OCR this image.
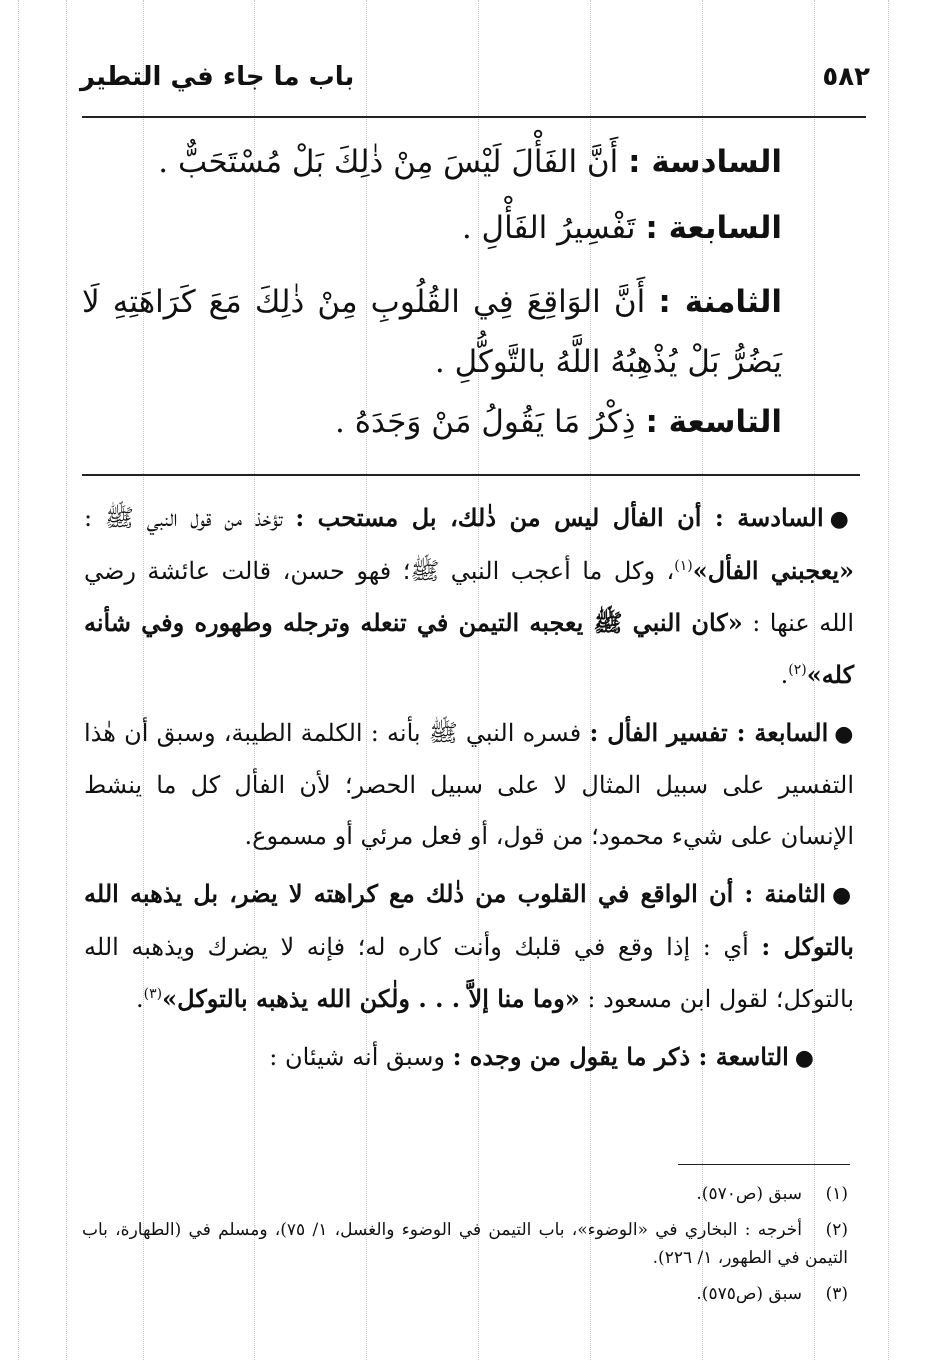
٥٨٢
باب ما جاء في التطير

السادسة : أَنَّ الفَأْلَ لَيْسَ مِنْ ذٰلِكَ بَلْ مُسْتَحَبٌّ .

السابعة : تَفْسِيرُ الفَأْلِ .

الثامنة : أَنَّ الوَاقِعَ فِي القُلُوبِ مِنْ ذٰلِكَ مَعَ كَرَاهَتِهِ لَا يَضُرُّ بَلْ يُذْهِبُهُ اللَّهُ بالتَّوكُّلِ .

التاسعة : ذِكْرُ مَا يَقُولُ مَنْ وَجَدَهُ .

●السادسة : أن الفأل ليس من ذٰلك، بل مستحب : تؤخذ من قول النبي ﷺ : «يعجبني الفأل»$^{(١)}$، وكل ما أعجب النبي ﷺ؛ فهو حسن، قالت عائشة رضي الله عنها : «كان النبي ﷺ يعجبه التيمن في تنعله وترجله وطهوره وفي شأنه كله»$^{(٢)}$.

●السابعة : تفسير الفأل : فسره النبي ﷺ بأنه : الكلمة الطيبة، وسبق أن هٰذا التفسير على سبيل المثال لا على سبيل الحصر؛ لأن الفأل كل ما ينشط الإنسان على شيء محمود؛ من قول، أو فعل مرئي أو مسموع.

●الثامنة : أن الواقع في القلوب من ذٰلك مع كراهته لا يضر، بل يذهبه الله بالتوكل : أي : إذا وقع في قلبك وأنت كاره له؛ فإنه لا يضرك ويذهبه الله بالتوكل؛ لقول ابن مسعود : «وما منا إلاَّ . . . ولٰكن الله يذهبه بالتوكل»$^{(٣)}$.

●التاسعة : ذكر ما يقول من وجده : وسبق أنه شيئان :

(١)سبق (ص٥٧٠).

(٢)أخرجه : البخاري في «الوضوء»، باب التيمن في الوضوء والغسل، ١/ ٧٥)، ومسلم في (الطهارة، باب التيمن في الطهور، ١/ ٢٢٦).

(٣)سبق (ص٥٧٥).
